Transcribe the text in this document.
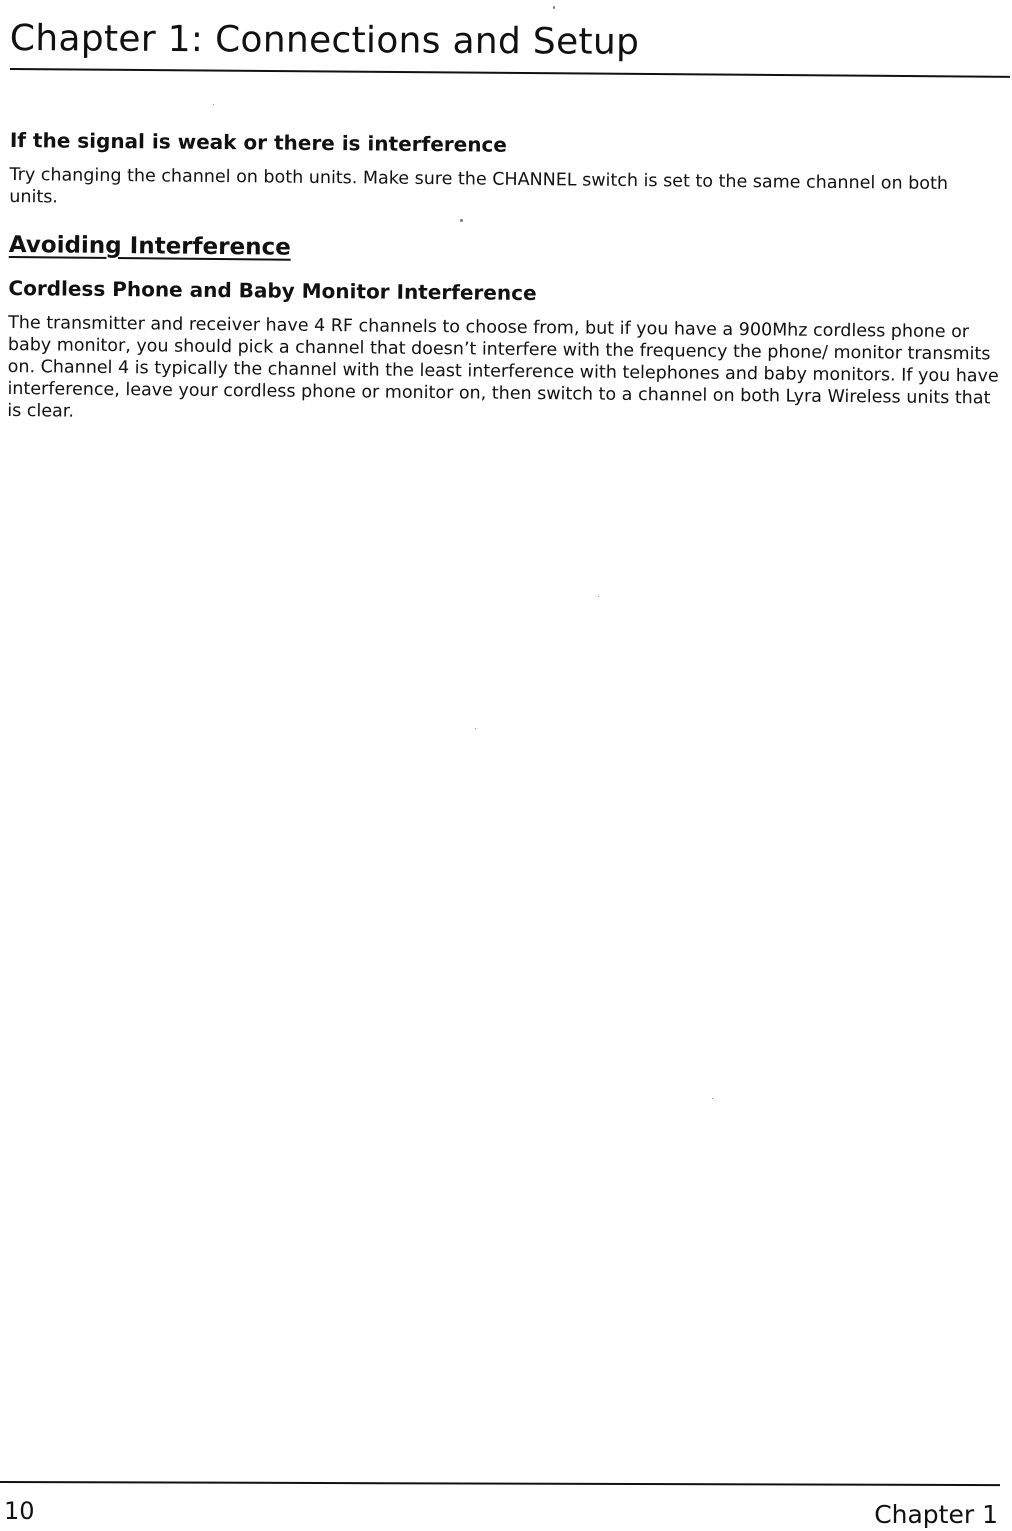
Chapter 1: Connections and Setup
If the signal is weak or there is interference

Try changing the channel on both units. Make sure the CHANNEL switch is set to the same channel on both units.

Avoiding Interference
Cordless Phone and Baby Monitor Interference

The transmitter and receiver have 4 RF channels to choose from, but if you have a 900Mhz cordless phone or baby monitor, you should pick a channel that doesn’t interfere with the frequency the phone/ monitor transmits on. Channel 4 is typically the channel with the least interference with telephones and baby monitors. If you have interference, leave your cordless phone or monitor on, then switch to a channel on both Lyra Wireless units that is clear.

10	Chapter 1
